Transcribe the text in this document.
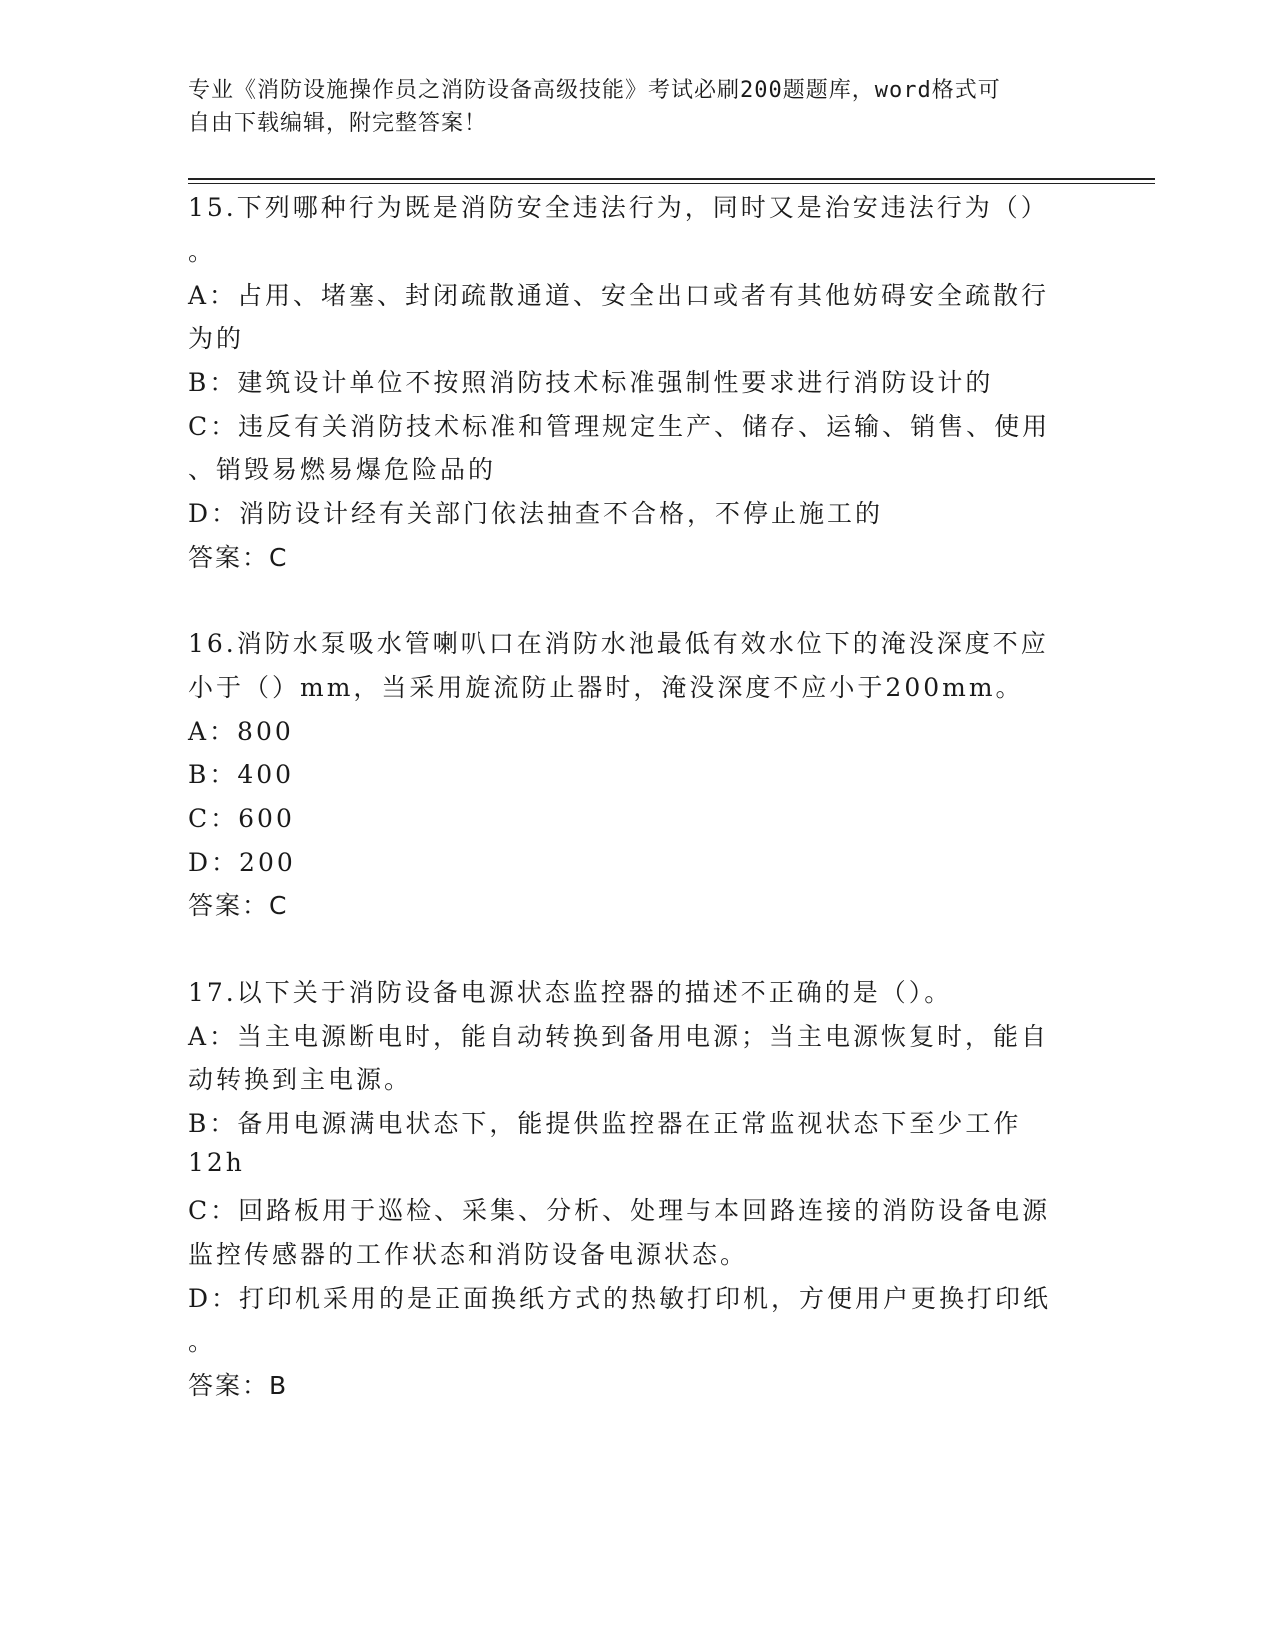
专业《消防设施操作员之消防设备高级技能》考试必刷200题题库，word格式可
自由下载编辑，附完整答案！
15.下列哪种行为既是消防安全违法行为，同时又是治安违法行为（）
。
A：占用、堵塞、封闭疏散通道、安全出口或者有其他妨碍安全疏散行
为的
B：建筑设计单位不按照消防技术标准强制性要求进行消防设计的
C：违反有关消防技术标准和管理规定生产、储存、运输、销售、使用
、销毁易燃易爆危险品的
D：消防设计经有关部门依法抽查不合格，不停止施工的
答案：C
16.消防水泵吸水管喇叭口在消防水池最低有效水位下的淹没深度不应
小于（）mm，当采用旋流防止器时，淹没深度不应小于200mm。
A：800
B：400
C：600
D：200
答案：C
17.以下关于消防设备电源状态监控器的描述不正确的是（）。
A：当主电源断电时，能自动转换到备用电源；当主电源恢复时，能自
动转换到主电源。
B：备用电源满电状态下，能提供监控器在正常监视状态下至少工作
12h
C：回路板用于巡检、采集、分析、处理与本回路连接的消防设备电源
监控传感器的工作状态和消防设备电源状态。
D：打印机采用的是正面换纸方式的热敏打印机，方便用户更换打印纸
。
答案：B
